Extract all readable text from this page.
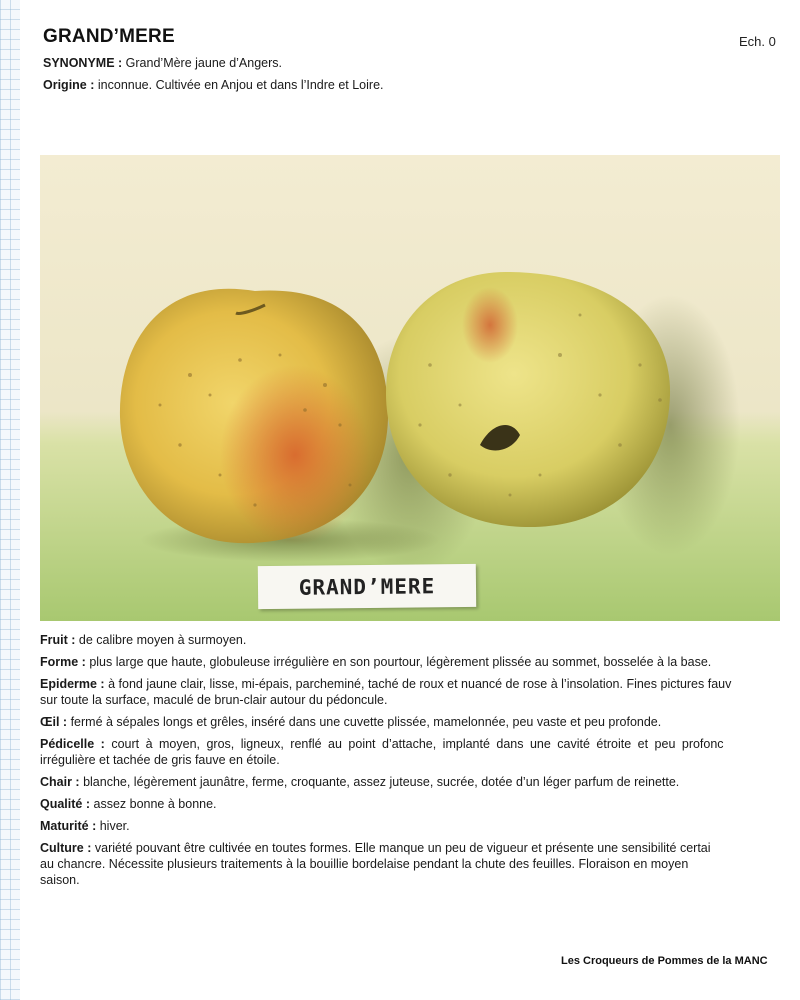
GRAND’MERE	Ech. 0
SYNONYME : Grand’Mère jaune d’Angers.
Origine : inconnue. Cultivée en Anjou et dans l’Indre et Loire.
GRAND’MERE

Fruit : de calibre moyen à surmoyen.

Forme : plus large que haute, globuleuse irrégulière en son pourtour, légèrement plissée au sommet, bosselée à la base.

Epiderme : à fond jaune clair, lisse, mi-épais, parcheminé, taché de roux et nuancé de rose à l’insolation. Fines pictures fauv
sur toute la surface, maculé de brun-clair autour du pédoncule.

Œil : fermé à sépales longs et grêles, inséré dans une cuvette plissée, mamelonnée, peu vaste et peu profonde.

Pédicelle : court à moyen, gros, ligneux, renflé au point d’attache, implanté dans une cavité étroite et peu profonc
irrégulière et tachée de gris fauve en étoile.

Chair : blanche, légèrement jaunâtre, ferme, croquante, assez juteuse, sucrée, dotée d’un léger parfum de reinette.

Qualité : assez bonne à bonne.

Maturité : hiver.

Culture : variété pouvant être cultivée en toutes formes. Elle manque un peu de vigueur et présente une sensibilité certai
au chancre. Nécessite plusieurs traitements à la bouillie bordelaise pendant la chute des feuilles. Floraison en moyen
saison.

Les Croqueurs de Pommes de la MANC
